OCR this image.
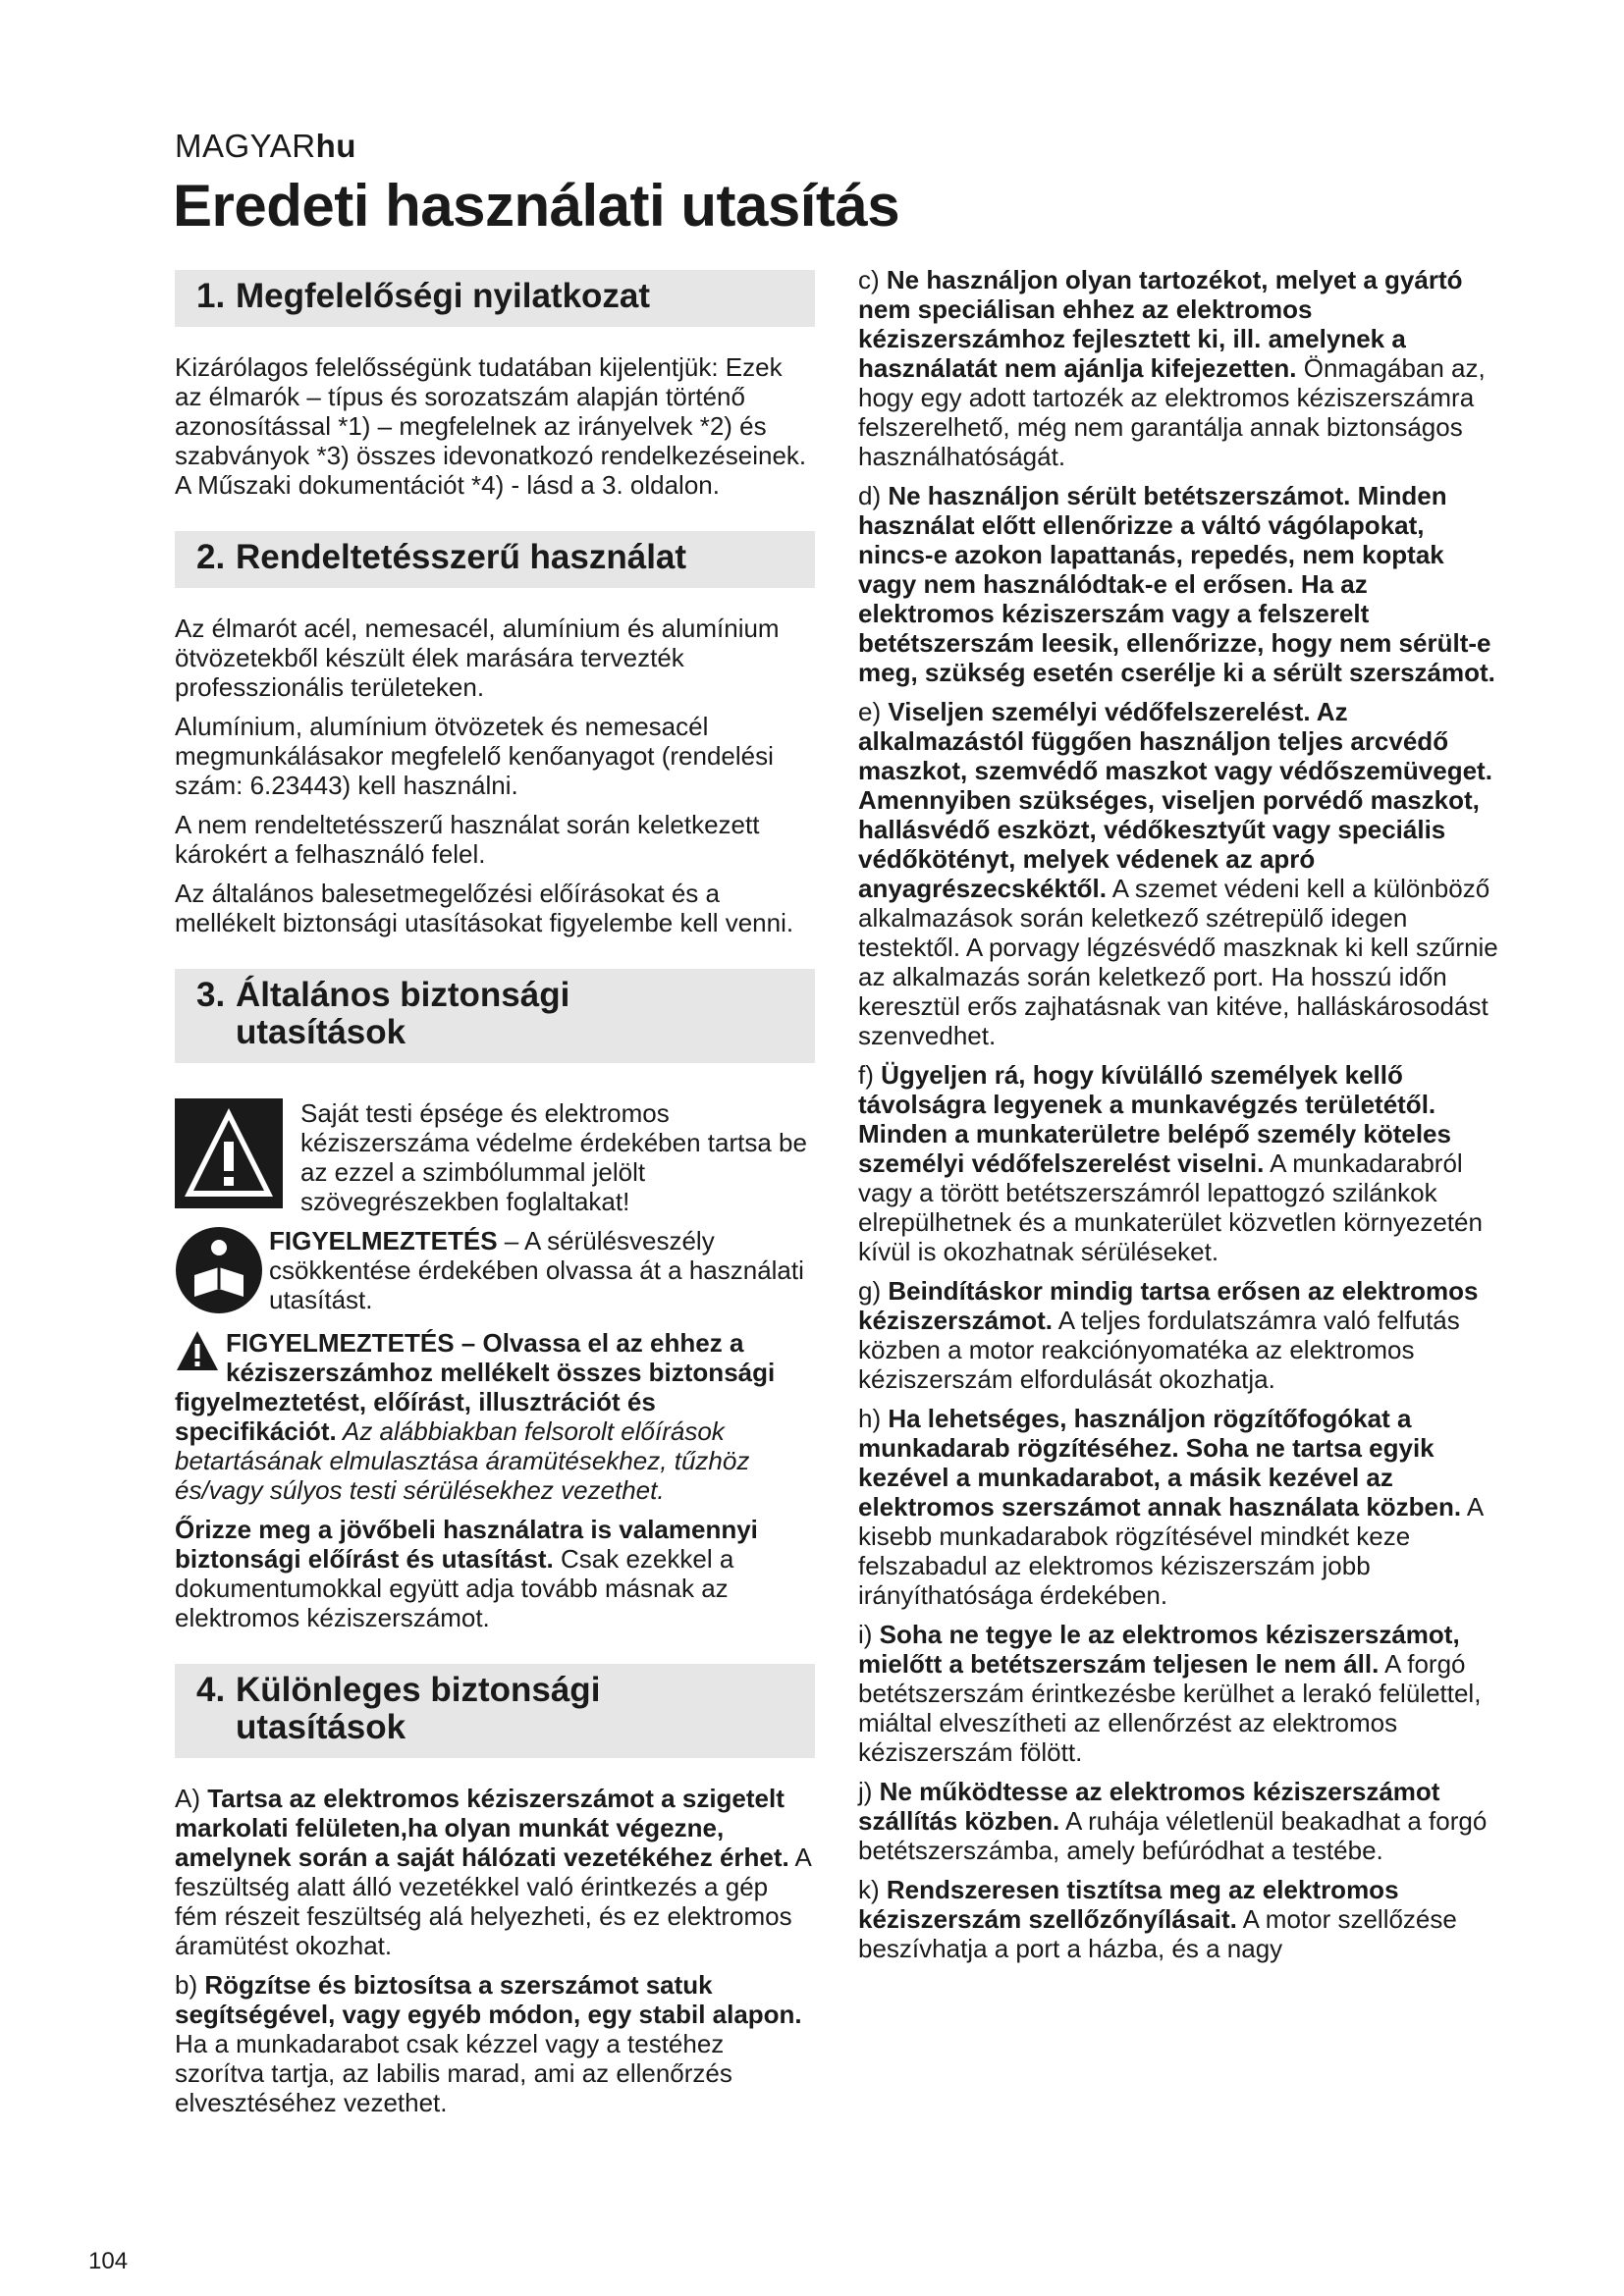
MAGYARhu
Eredeti használati utasítás
1. Megfelelőségi nyilatkozat

Kizárólagos felelősségünk tudatában kijelentjük: Ezek az élmarók – típus és sorozatszám alapján történő azonosítással *1) – megfelelnek az irányelvek *2) és szabványok *3) összes idevonatkozó rendelkezéseinek. A Műszaki dokumentációt *4) - lásd a 3. oldalon.

2. Rendeltetésszerű használat

Az élmarót acél, nemesacél, alumínium és alumínium ötvözetekből készült élek marására tervezték professzionális területeken.

Alumínium, alumínium ötvözetek és nemesacél megmunkálásakor megfelelő kenőanyagot (rendelési szám: 6.23443) kell használni.

A nem rendeltetésszerű használat során keletkezett károkért a felhasználó felel.

Az általános balesetmegelőzési előírásokat és a mellékelt biztonsági utasításokat figyelembe kell venni.

3. Általános biztonsági
utasítások

Saját testi épsége és elektromos kéziszerszáma védelme érdekében tartsa be az ezzel a szimbólummal jelölt szövegrészekben foglaltakat!

FIGYELMEZTETÉS – A sérülésveszély csökkentése érdekében olvassa át a használati utasítást.

FIGYELMEZTETÉS – Olvassa el az ehhez a kéziszerszámhoz mellékelt összes biztonsági figyelmeztetést, előírást, illusztrációt és specifikációt. Az alábbiakban felsorolt előírások betartásának elmulasztása áramütésekhez, tűzhöz és/vagy súlyos testi sérülésekhez vezethet.

Őrizze meg a jövőbeli használatra is valamennyi biztonsági előírást és utasítást. Csak ezekkel a dokumentumokkal együtt adja tovább másnak az elektromos kéziszerszámot.

4. Különleges biztonsági
utasítások

A) Tartsa az elektromos kéziszerszámot a szigetelt markolati felületen,ha olyan munkát végezne, amelynek során a saját hálózati vezetékéhez érhet. A feszültség alatt álló vezetékkel való érintkezés a gép fém részeit feszültség alá helyezheti, és ez elektromos áramütést okozhat.

b) Rögzítse és biztosítsa a szerszámot satuk segítségével, vagy egyéb módon, egy stabil alapon. Ha a munkadarabot csak kézzel vagy a testéhez szorítva tartja, az labilis marad, ami az ellenőrzés elvesztéséhez vezethet.

c) Ne használjon olyan tartozékot, melyet a gyártó nem speciálisan ehhez az elektromos kéziszerszámhoz fejlesztett ki, ill. amelynek a használatát nem ajánlja kifejezetten. Önmagában az, hogy egy adott tartozék az elektromos kéziszerszámra felszerelhető, még nem garantálja annak biztonságos használhatóságát.

d) Ne használjon sérült betétszerszámot. Minden használat előtt ellenőrizze a váltó vágólapokat, nincs-e azokon lapattanás, repedés, nem koptak vagy nem használódtak-e el erősen. Ha az elektromos kéziszerszám vagy a felszerelt betétszerszám leesik, ellenőrizze, hogy nem sérült-e meg, szükség esetén cserélje ki a sérült szerszámot.

e) Viseljen személyi védőfelszerelést. Az alkalmazástól függően használjon teljes arcvédő maszkot, szemvédő maszkot vagy védőszemüveget. Amennyiben szükséges, viseljen porvédő maszkot, hallásvédő eszközt, védőkesztyűt vagy speciális védőkötényt, melyek védenek az apró anyagrészecskéktől. A szemet védeni kell a különböző alkalmazások során keletkező szétrepülő idegen testektől. A porvagy légzésvédő maszknak ki kell szűrnie az alkalmazás során keletkező port. Ha hosszú időn keresztül erős zajhatásnak van kitéve, halláskárosodást szenvedhet.

f) Ügyeljen rá, hogy kívülálló személyek kellő távolságra legyenek a munkavégzés területétől. Minden a munkaterületre belépő személy köteles személyi védőfelszerelést viselni. A munkadarabról vagy a törött betétszerszámról lepattogzó szilánkok elrepülhetnek és a munkaterület közvetlen környezetén kívül is okozhatnak sérüléseket.

g) Beindításkor mindig tartsa erősen az elektromos kéziszerszámot. A teljes fordulatszámra való felfutás közben a motor reakciónyomatéka az elektromos kéziszerszám elfordulását okozhatja.

h) Ha lehetséges, használjon rögzítőfogókat a munkadarab rögzítéséhez. Soha ne tartsa egyik kezével a munkadarabot, a másik kezével az elektromos szerszámot annak használata közben. A kisebb munkadarabok rögzítésével mindkét keze felszabadul az elektromos kéziszerszám jobb irányíthatósága érdekében.

i) Soha ne tegye le az elektromos kéziszerszámot, mielőtt a betétszerszám teljesen le nem áll. A forgó betétszerszám érintkezésbe kerülhet a lerakó felülettel, miáltal elveszítheti az ellenőrzést az elektromos kéziszerszám fölött.

j) Ne működtesse az elektromos kéziszerszámot szállítás közben. A ruhája véletlenül beakadhat a forgó betétszerszámba, amely befúródhat a testébe.

k) Rendszeresen tisztítsa meg az elektromos kéziszerszám szellőzőnyílásait. A motor szellőzése beszívhatja a port a házba, és a nagy

104
